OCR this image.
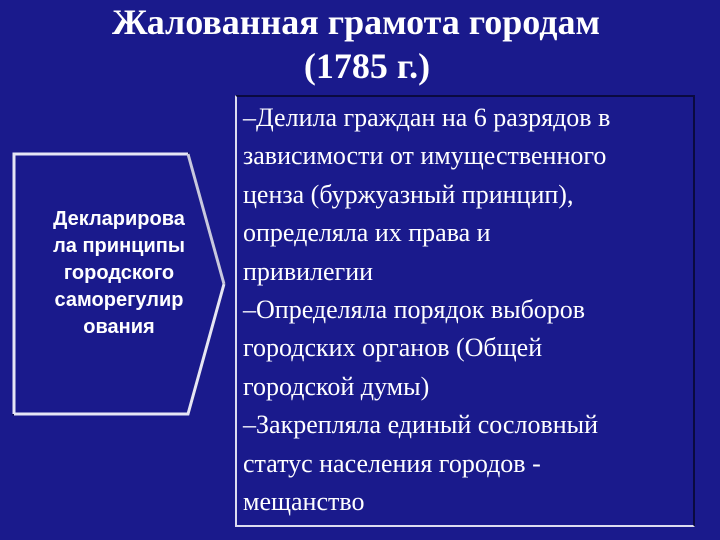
Жалованная грамота городам
(1785 г.)
Декларирова
ла принципы
городского
саморегулир
ования
–Делила граждан на 6 разрядов в
зависимости от имущественного
ценза (буржуазный принцип),
определяла их права и
привилегии
–Определяла порядок выборов
городских органов (Общей
городской думы)
–Закрепляла единый сословный
статус населения городов -
мещанство
